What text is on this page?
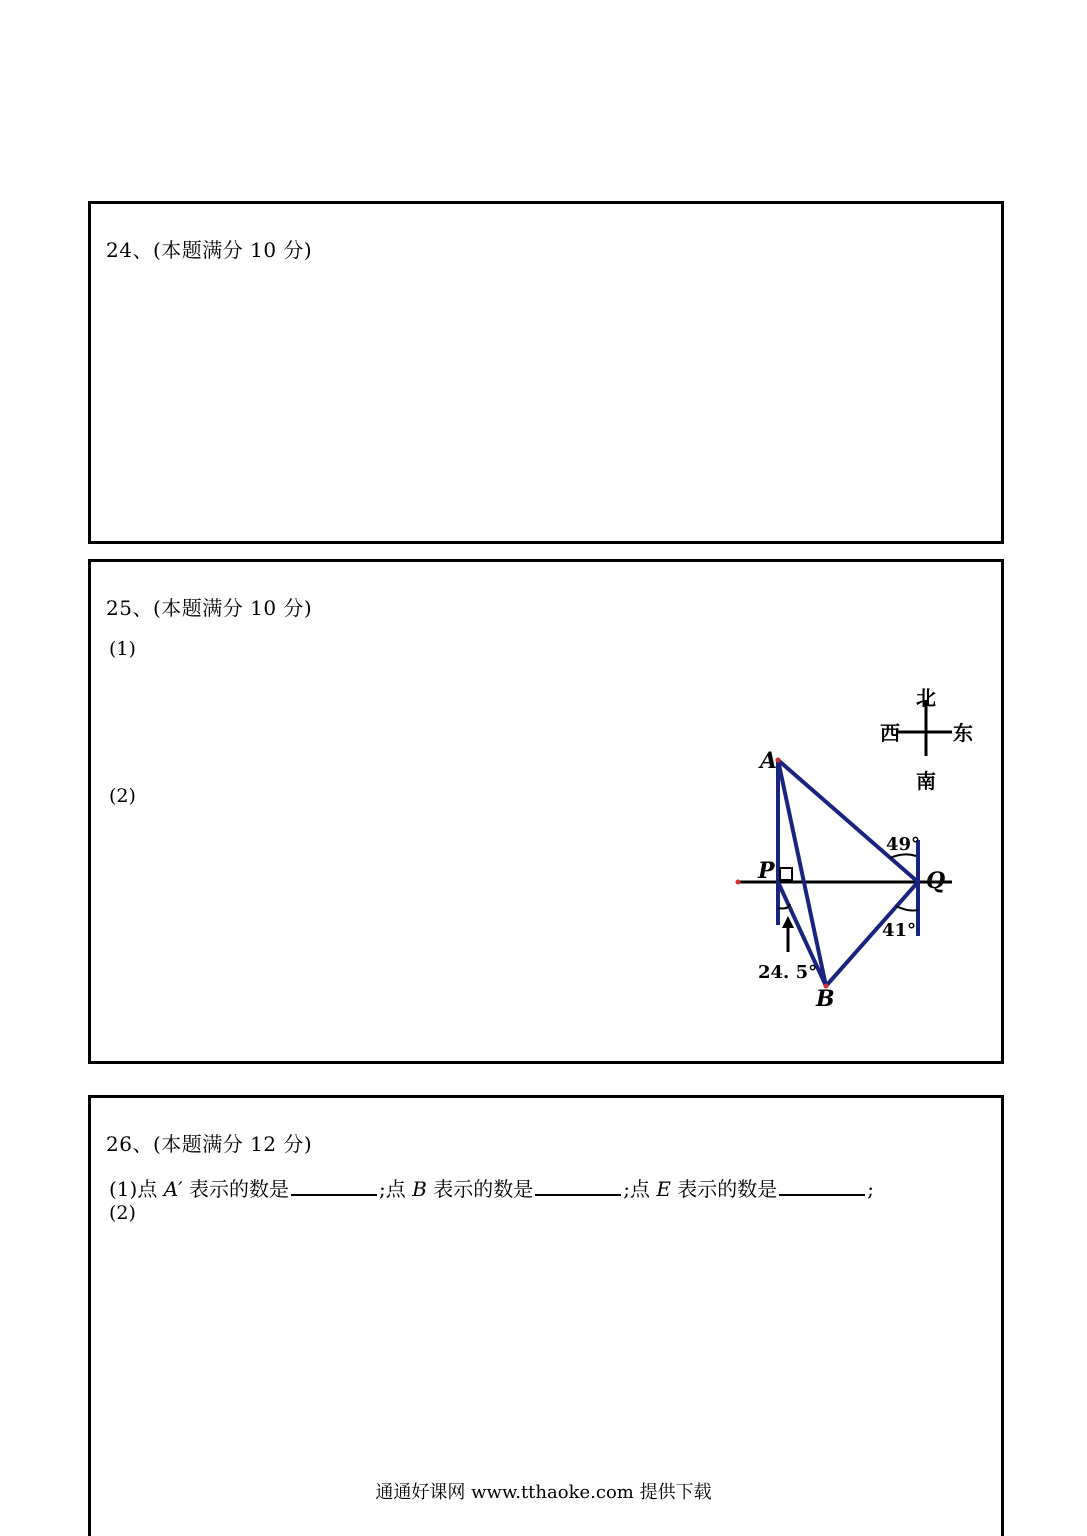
24、(本题满分 10 分)
25、(本题满分 10 分)
(1)
(2)
北
西	东
南
A
P	Q
B
49°
41°
24. 5°
26、(本题满分 12 分)
(1)点 A′ 表示的数是	;点 B 表示的数是	;点 E 表示的数是	;
(2)
通通好课网 www.tthaoke.com 提供下载
